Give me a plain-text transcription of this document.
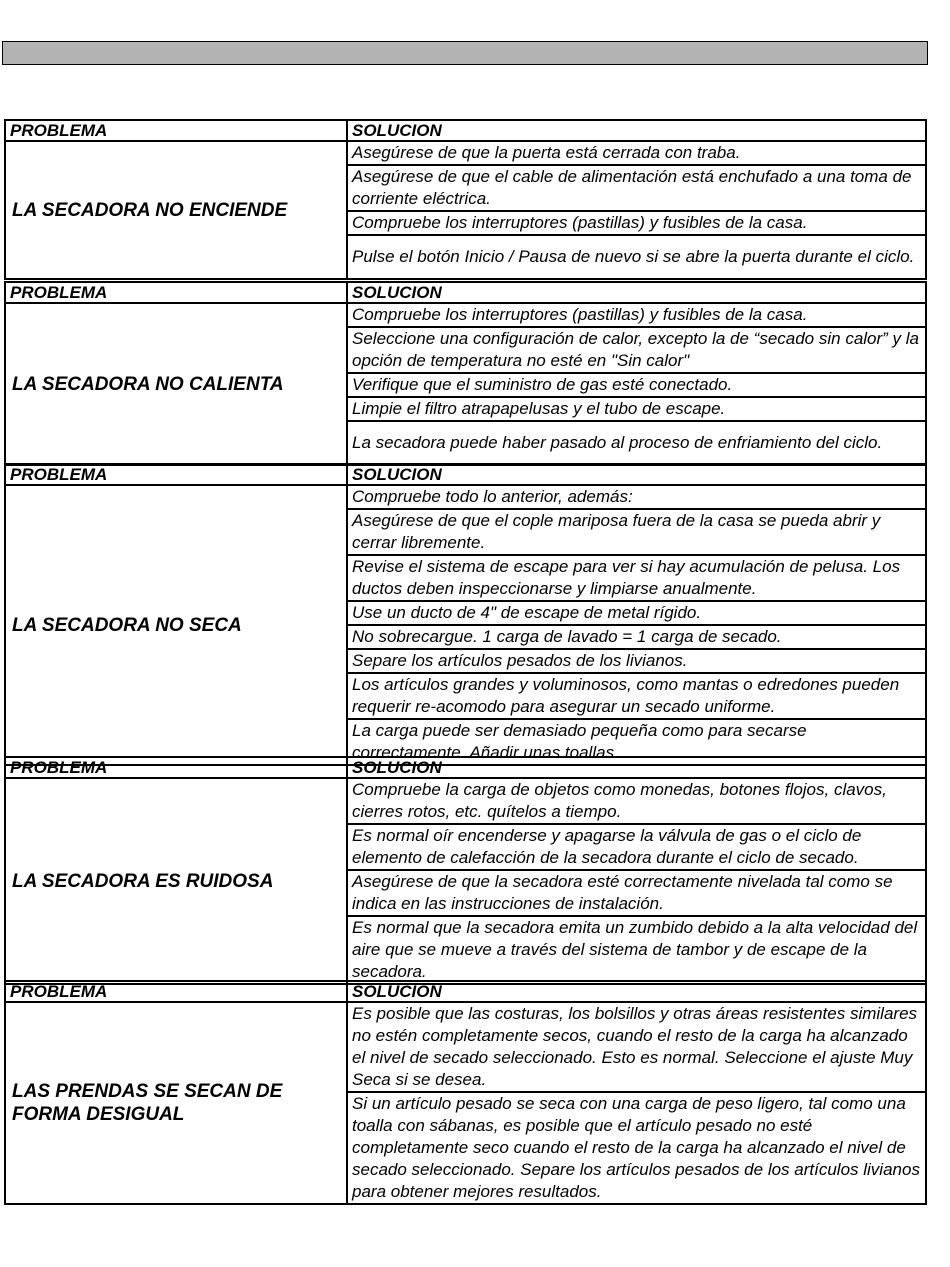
PROBLEMA	SOLUCION
LA SECADORA NO ENCIENDE	Asegúrese de que la puerta está cerrada con traba.
	Asegúrese de que el cable de alimentación está enchufado a una toma de corriente eléctrica.
	Compruebe los interruptores (pastillas) y fusibles de la casa.
	Pulse el botón Inicio / Pausa de nuevo si se abre la puerta durante el ciclo.
PROBLEMA	SOLUCION
LA SECADORA NO CALIENTA	Compruebe los interruptores (pastillas) y fusibles de la casa.
	Seleccione una configuración de calor, excepto la de “secado sin calor” y la opción de temperatura no esté en "Sin calor"
	Verifique que el suministro de gas esté conectado.
	Limpie el filtro atrapapelusas y el tubo de escape.
	La secadora puede haber pasado al proceso de enfriamiento del ciclo.
PROBLEMA	SOLUCION
LA SECADORA NO SECA	Compruebe todo lo anterior, además:
	Asegúrese de que el cople mariposa fuera de la casa se pueda abrir y cerrar libremente.
	Revise el sistema de escape para ver si hay acumulación de pelusa. Los ductos deben inspeccionarse y limpiarse anualmente.
	Use un ducto de 4" de escape de metal rígido.
	No sobrecargue. 1 carga de lavado = 1 carga de secado.
	Separe los artículos pesados de los livianos.
	Los artículos grandes y voluminosos, como mantas o edredones pueden requerir re-acomodo para asegurar un secado uniforme.
	La carga puede ser demasiado pequeña como para secarse correctamente. Añadir unas toallas.
PROBLEMA	SOLUCION
LA SECADORA ES RUIDOSA	Compruebe la carga de objetos como monedas, botones flojos, clavos, cierres rotos, etc. quítelos a tiempo.
	Es normal oír encenderse y apagarse la válvula de gas o el ciclo de elemento de calefacción de la secadora durante el ciclo de secado.
	Asegúrese de que la secadora esté correctamente nivelada tal como se indica en las instrucciones de instalación.
	Es normal que la secadora emita un zumbido debido a la alta velocidad del aire que se mueve a través del sistema de tambor y de escape de la secadora.
PROBLEMA	SOLUCION
LAS PRENDAS SE SECAN DE FORMA DESIGUAL	Es posible que las costuras, los bolsillos y otras áreas resistentes similares no estén completamente secos, cuando el resto de la carga ha alcanzado el nivel de secado seleccionado. Esto es normal. Seleccione el ajuste Muy Seca si se desea.
	Si un artículo pesado se seca con una carga de peso ligero, tal como una toalla con sábanas, es posible que el artículo pesado no esté completamente seco cuando el resto de la carga ha alcanzado el nivel de secado seleccionado. Separe los artículos pesados de los artículos livianos para obtener mejores resultados.
